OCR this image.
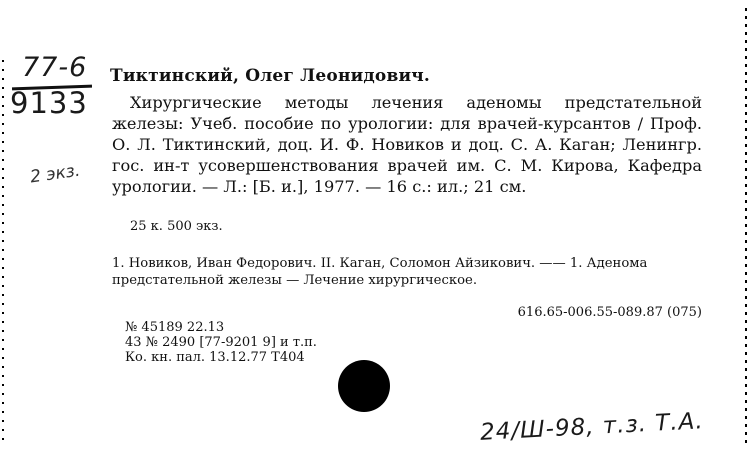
77-6
9133
2 экз.
Тиктинский, Олег Леонидович.
Хирургические методы лечения аденомы предстательной железы: Учеб. пособие по урологии: для врачей-курсантов / Проф. О. Л. Тиктинский, доц. И. Ф. Новиков и доц. С. А. Каган; Ленингр. гос. ин-т усовершенствования врачей им. С. М. Кирова, Кафедра урологии. — Л.: [Б. и.], 1977. — 16 с.: ил.; 21 см.
25 к. 500 экз.
1. Новиков, Иван Федорович. II. Каган, Соломон Айзикович. —— 1. Аденома предстательной железы — Лечение хирургическое.
616.65-006.55-089.87 (075)
№ 45189 22.13
43 № 2490 [77-9201 9] и т.п.
Ко. кн. пал. 13.12.77 Т404
24/Ш-98, т.з. Т.А.
